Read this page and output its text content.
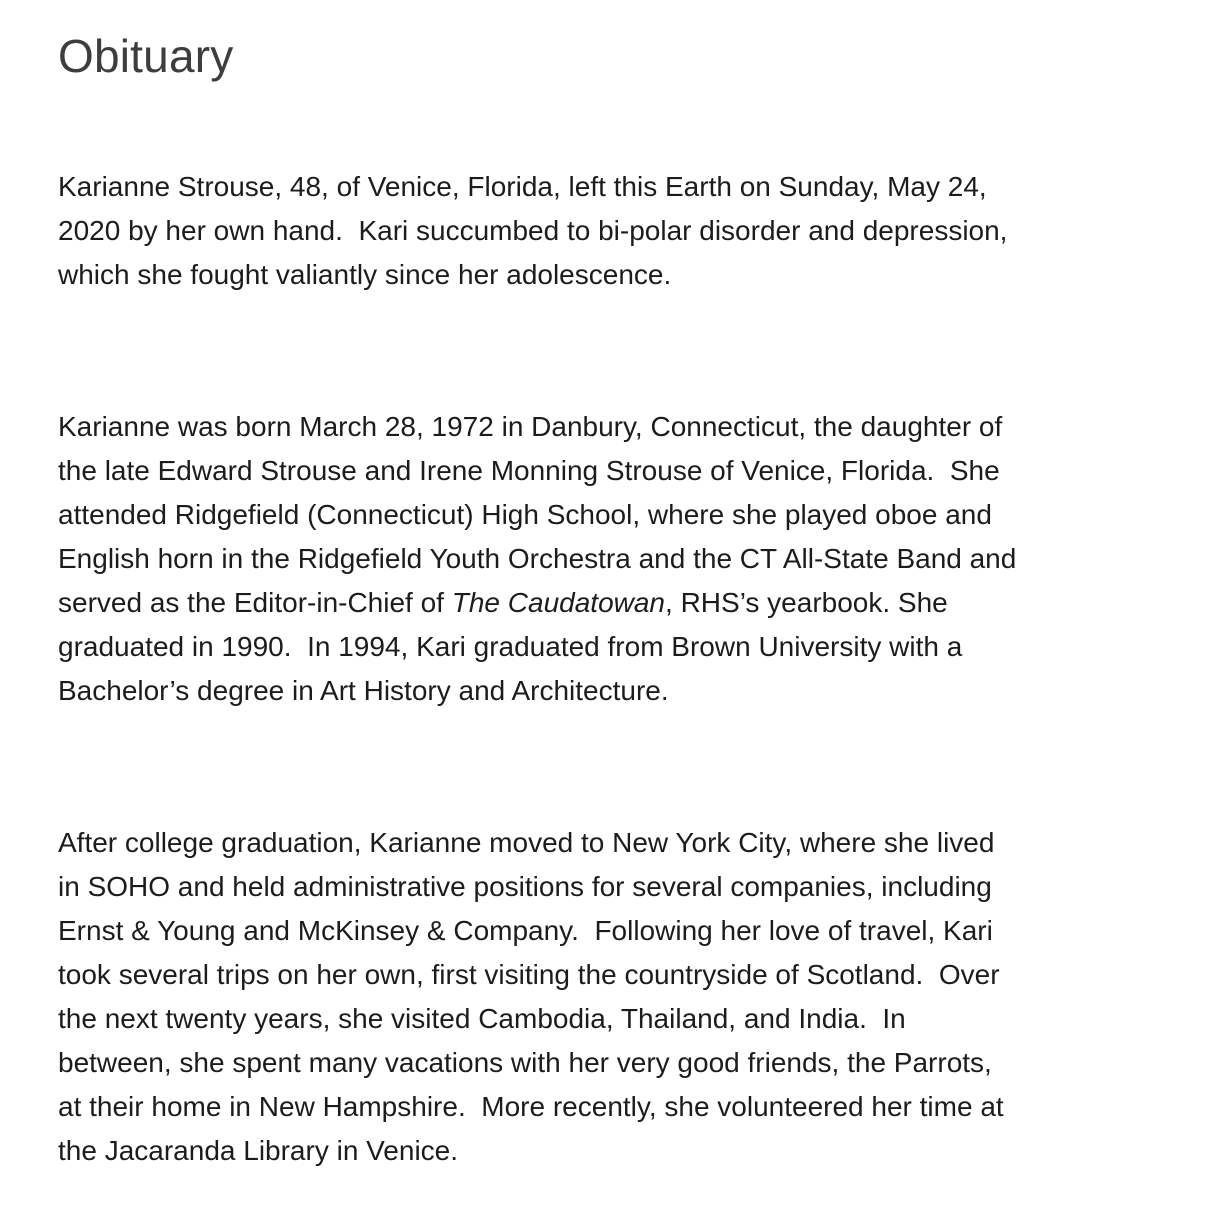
Obituary

Karianne Strouse, 48, of Venice, Florida, left this Earth on Sunday, May 24,
2020 by her own hand.  Kari succumbed to bi-polar disorder and depression,
which she fought valiantly since her adolescence.

Karianne was born March 28, 1972 in Danbury, Connecticut, the daughter of
the late Edward Strouse and Irene Monning Strouse of Venice, Florida.  She
attended Ridgefield (Connecticut) High School, where she played oboe and
English horn in the Ridgefield Youth Orchestra and the CT All-State Band and
served as the Editor-in-Chief of The Caudatowan, RHS’s yearbook. She
graduated in 1990.  In 1994, Kari graduated from Brown University with a
Bachelor’s degree in Art History and Architecture.

After college graduation, Karianne moved to New York City, where she lived
in SOHO and held administrative positions for several companies, including
Ernst & Young and McKinsey & Company.  Following her love of travel, Kari
took several trips on her own, first visiting the countryside of Scotland.  Over
the next twenty years, she visited Cambodia, Thailand, and India.  In
between, she spent many vacations with her very good friends, the Parrots,
at their home in New Hampshire.  More recently, she volunteered her time at
the Jacaranda Library in Venice.
